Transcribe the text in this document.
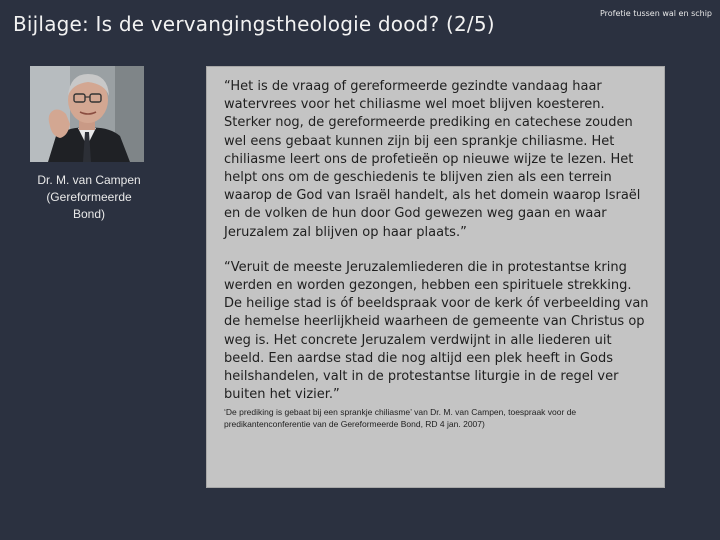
Bijlage: Is de vervangingstheologie dood? (2/5)	Profetie tussen wal en schip
Dr. M. van Campen
(Gereformeerde
Bond)

“Het is de vraag of gereformeerde gezindte vandaag haar watervrees voor het chiliasme wel moet blijven koesteren. Sterker nog, de gereformeerde prediking en catechese zouden wel eens gebaat kunnen zijn bij een sprankje chiliasme. Het chiliasme leert ons de profetieën op nieuwe wijze te lezen. Het helpt ons om de geschiedenis te blijven zien als een terrein waarop de God van Israël handelt, als het domein waarop Israël en de volken de hun door God gewezen weg gaan en waar Jeruzalem zal blijven op haar plaats.”

“Veruit de meeste Jeruzalemliederen die in protestantse kring werden en worden gezongen, hebben een spirituele strekking. De heilige stad is óf beeldspraak voor de kerk óf verbeelding van de hemelse heerlijkheid waarheen de gemeente van Christus op weg is. Het concrete Jeruzalem verdwijnt in alle liederen uit beeld. Een aardse stad die nog altijd een plek heeft in Gods heilshandelen, valt in de protestantse liturgie in de regel ver buiten het vizier.”

‘De prediking is gebaat bij een sprankje chiliasme’ van Dr. M. van Campen, toespraak voor de predikantenconferentie van de Gereformeerde Bond, RD 4 jan. 2007)
